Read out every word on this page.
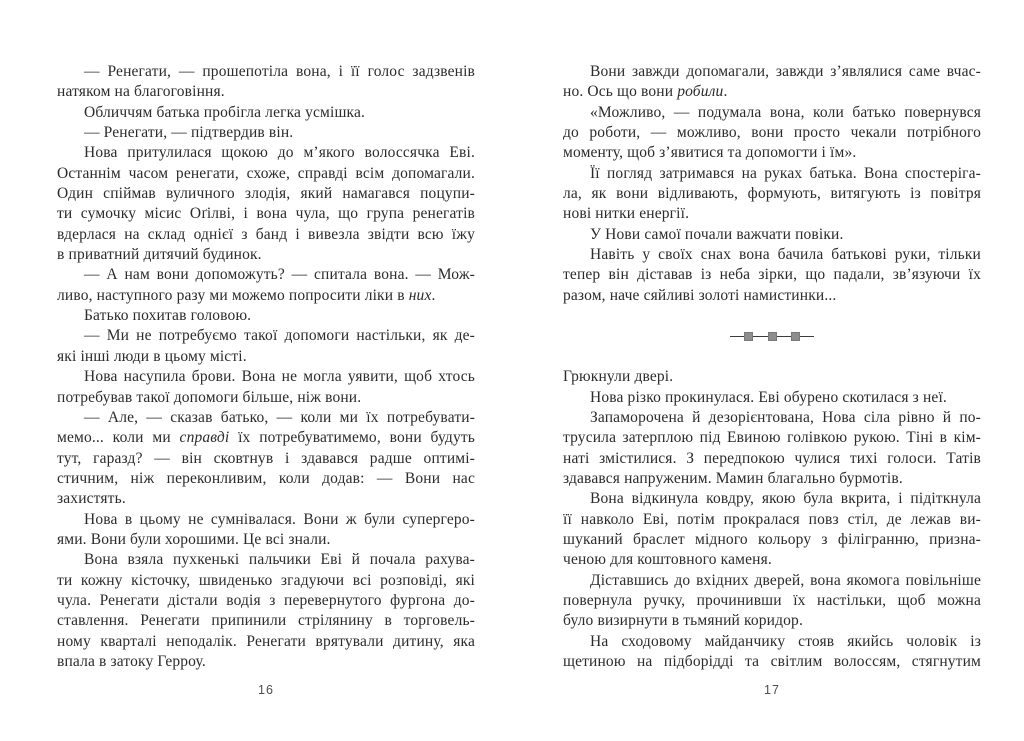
— Ренегати, — прошепотіла вона, і її голос задзвенів
натяком на благоговіння.
Обличчям батька пробігла легка усмішка.
— Ренегати, — підтвердив він.
Нова притулилася щокою до м’якого волоссячка Еві.
Останнім часом ренегати, схоже, справді всім допомагали.
Один спіймав вуличного злодія, який намагався поцупи-
ти сумочку місис Оґілві, і вона чула, що група ренегатів
вдерлася на склад однієї з банд і вивезла звідти всю їжу
в приватний дитячий будинок.
— А нам вони допоможуть? — спитала вона. — Мож-
ливо, наступного разу ми можемо попросити ліки в них.
Батько похитав головою.
— Ми не потребуємо такої допомоги настільки, як де-
які інші люди в цьому місті.
Нова насупила брови. Вона не могла уявити, щоб хтось
потребував такої допомоги більше, ніж вони.
— Але, — сказав батько, — коли ми їх потребувати-
мемо... коли ми справді їх потребуватимемо, вони будуть
тут, гаразд? — він сковтнув і здавався радше оптимі-
стичним, ніж переконливим, коли додав: — Вони нас
захистять.
Нова в цьому не сумнівалася. Вони ж були супергеро-
ями. Вони були хорошими. Це всі знали.
Вона взяла пухкенькі пальчики Еві й почала рахува-
ти кожну кісточку, швиденько згадуючи всі розповіді, які
чула. Ренегати дістали водія з перевернутого фургона до-
ставлення. Ренегати припинили стрілянину в торговель-
ному кварталі неподалік. Ренегати врятували дитину, яка
впала в затоку Герроу.
16
Вони завжди допомагали, завжди з’являлися саме вчас-
но. Ось що вони робили.
«Можливо, — подумала вона, коли батько повернувся
до роботи, — можливо, вони просто чекали потрібного
моменту, щоб з’явитися та допомогти і їм».
Її погляд затримався на руках батька. Вона спостеріга-
ла, як вони відливають, формують, витягують із повітря
нові нитки енергії.
У Нови самої почали важчати повіки.
Навіть у своїх снах вона бачила батькові руки, тільки
тепер він діставав із неба зірки, що падали, зв’язуючи їх
разом, наче сяйливі золоті намистинки...
Грюкнули двері.
Нова різко прокинулася. Еві обурено скотилася з неї.
Запаморочена й дезорієнтована, Нова сіла рівно й по-
трусила затерплою під Евиною голівкою рукою. Тіні в кім-
наті змістилися. З передпокою чулися тихі голоси. Татів
здавався напруженим. Мамин благально бурмотів.
Вона відкинула ковдру, якою була вкрита, і підіткнула
її навколо Еві, потім прокралася повз стіл, де лежав ви-
шуканий браслет мідного кольору з філігранню, призна-
ченою для коштовного каменя.
Діставшись до вхідних дверей, вона якомога повільніше
повернула ручку, прочинивши їх настільки, щоб можна
було визирнути в тьмяний коридор.
На сходовому майданчику стояв якийсь чоловік із
щетиною на підборідді та світлим волоссям, стягнутим
17
